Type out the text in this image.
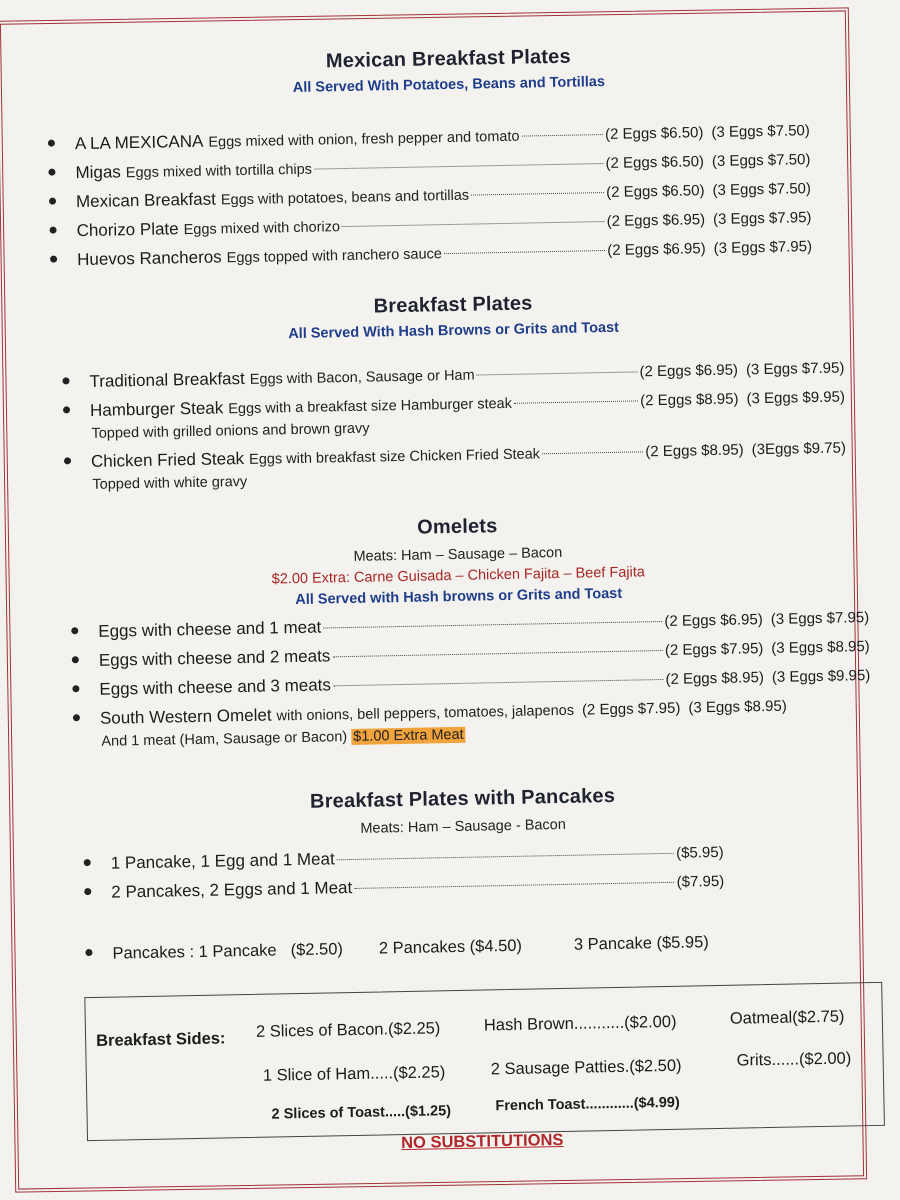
Mexican Breakfast Plates
All Served With Potatoes, Beans and Tortillas
A LA MEXICANA Eggs mixed with onion, fresh pepper and tomato	(2 Eggs $6.50) (3 Eggs $7.50)
Migas Eggs mixed with tortilla chips	(2 Eggs $6.50) (3 Eggs $7.50)
Mexican Breakfast Eggs with potatoes, beans and tortillas	(2 Eggs $6.50) (3 Eggs $7.50)
Chorizo Plate Eggs mixed with chorizo	(2 Eggs $6.95) (3 Eggs $7.95)
Huevos Rancheros Eggs topped with ranchero sauce	(2 Eggs $6.95) (3 Eggs $7.95)
Breakfast Plates
All Served With Hash Browns or Grits and Toast
Traditional Breakfast Eggs with Bacon, Sausage or Ham	(2 Eggs $6.95) (3 Eggs $7.95)
Hamburger Steak Eggs with a breakfast size Hamburger steak	(2 Eggs $8.95) (3 Eggs $9.95)
Topped with grilled onions and brown gravy
Chicken Fried Steak Eggs with breakfast size Chicken Fried Steak	(2 Eggs $8.95) (3Eggs $9.75)
Topped with white gravy
Omelets
Meats: Ham – Sausage – Bacon
$2.00 Extra: Carne Guisada – Chicken Fajita – Beef Fajita
All Served with Hash browns or Grits and Toast
Eggs with cheese and 1 meat	(2 Eggs $6.95) (3 Eggs $7.95)
Eggs with cheese and 2 meats	(2 Eggs $7.95) (3 Eggs $8.95)
Eggs with cheese and 3 meats	(2 Eggs $8.95) (3 Eggs $9.95)
South Western Omelet with onions, bell peppers, tomatoes, jalapenos (2 Eggs $7.95) (3 Eggs $8.95)
And 1 meat (Ham, Sausage or Bacon) $1.00 Extra Meat
Breakfast Plates with Pancakes
Meats: Ham – Sausage - Bacon
1 Pancake, 1 Egg and 1 Meat	($5.95)
2 Pancakes, 2 Eggs and 1 Meat	($7.95)
Pancakes : 1 Pancake ($2.50) 2 Pancakes ($4.50)	3 Pancake ($5.95)
Breakfast Sides: 2 Slices of Bacon.($2.25)	Hash Brown...........($2.00)	Oatmeal($2.75)
1 Slice of Ham.....($2.25)	2 Sausage Patties.($2.50)	Grits......($2.00)
2 Slices of Toast.....($1.25)	French Toast............($4.99)
NO SUBSTITUTIONS
